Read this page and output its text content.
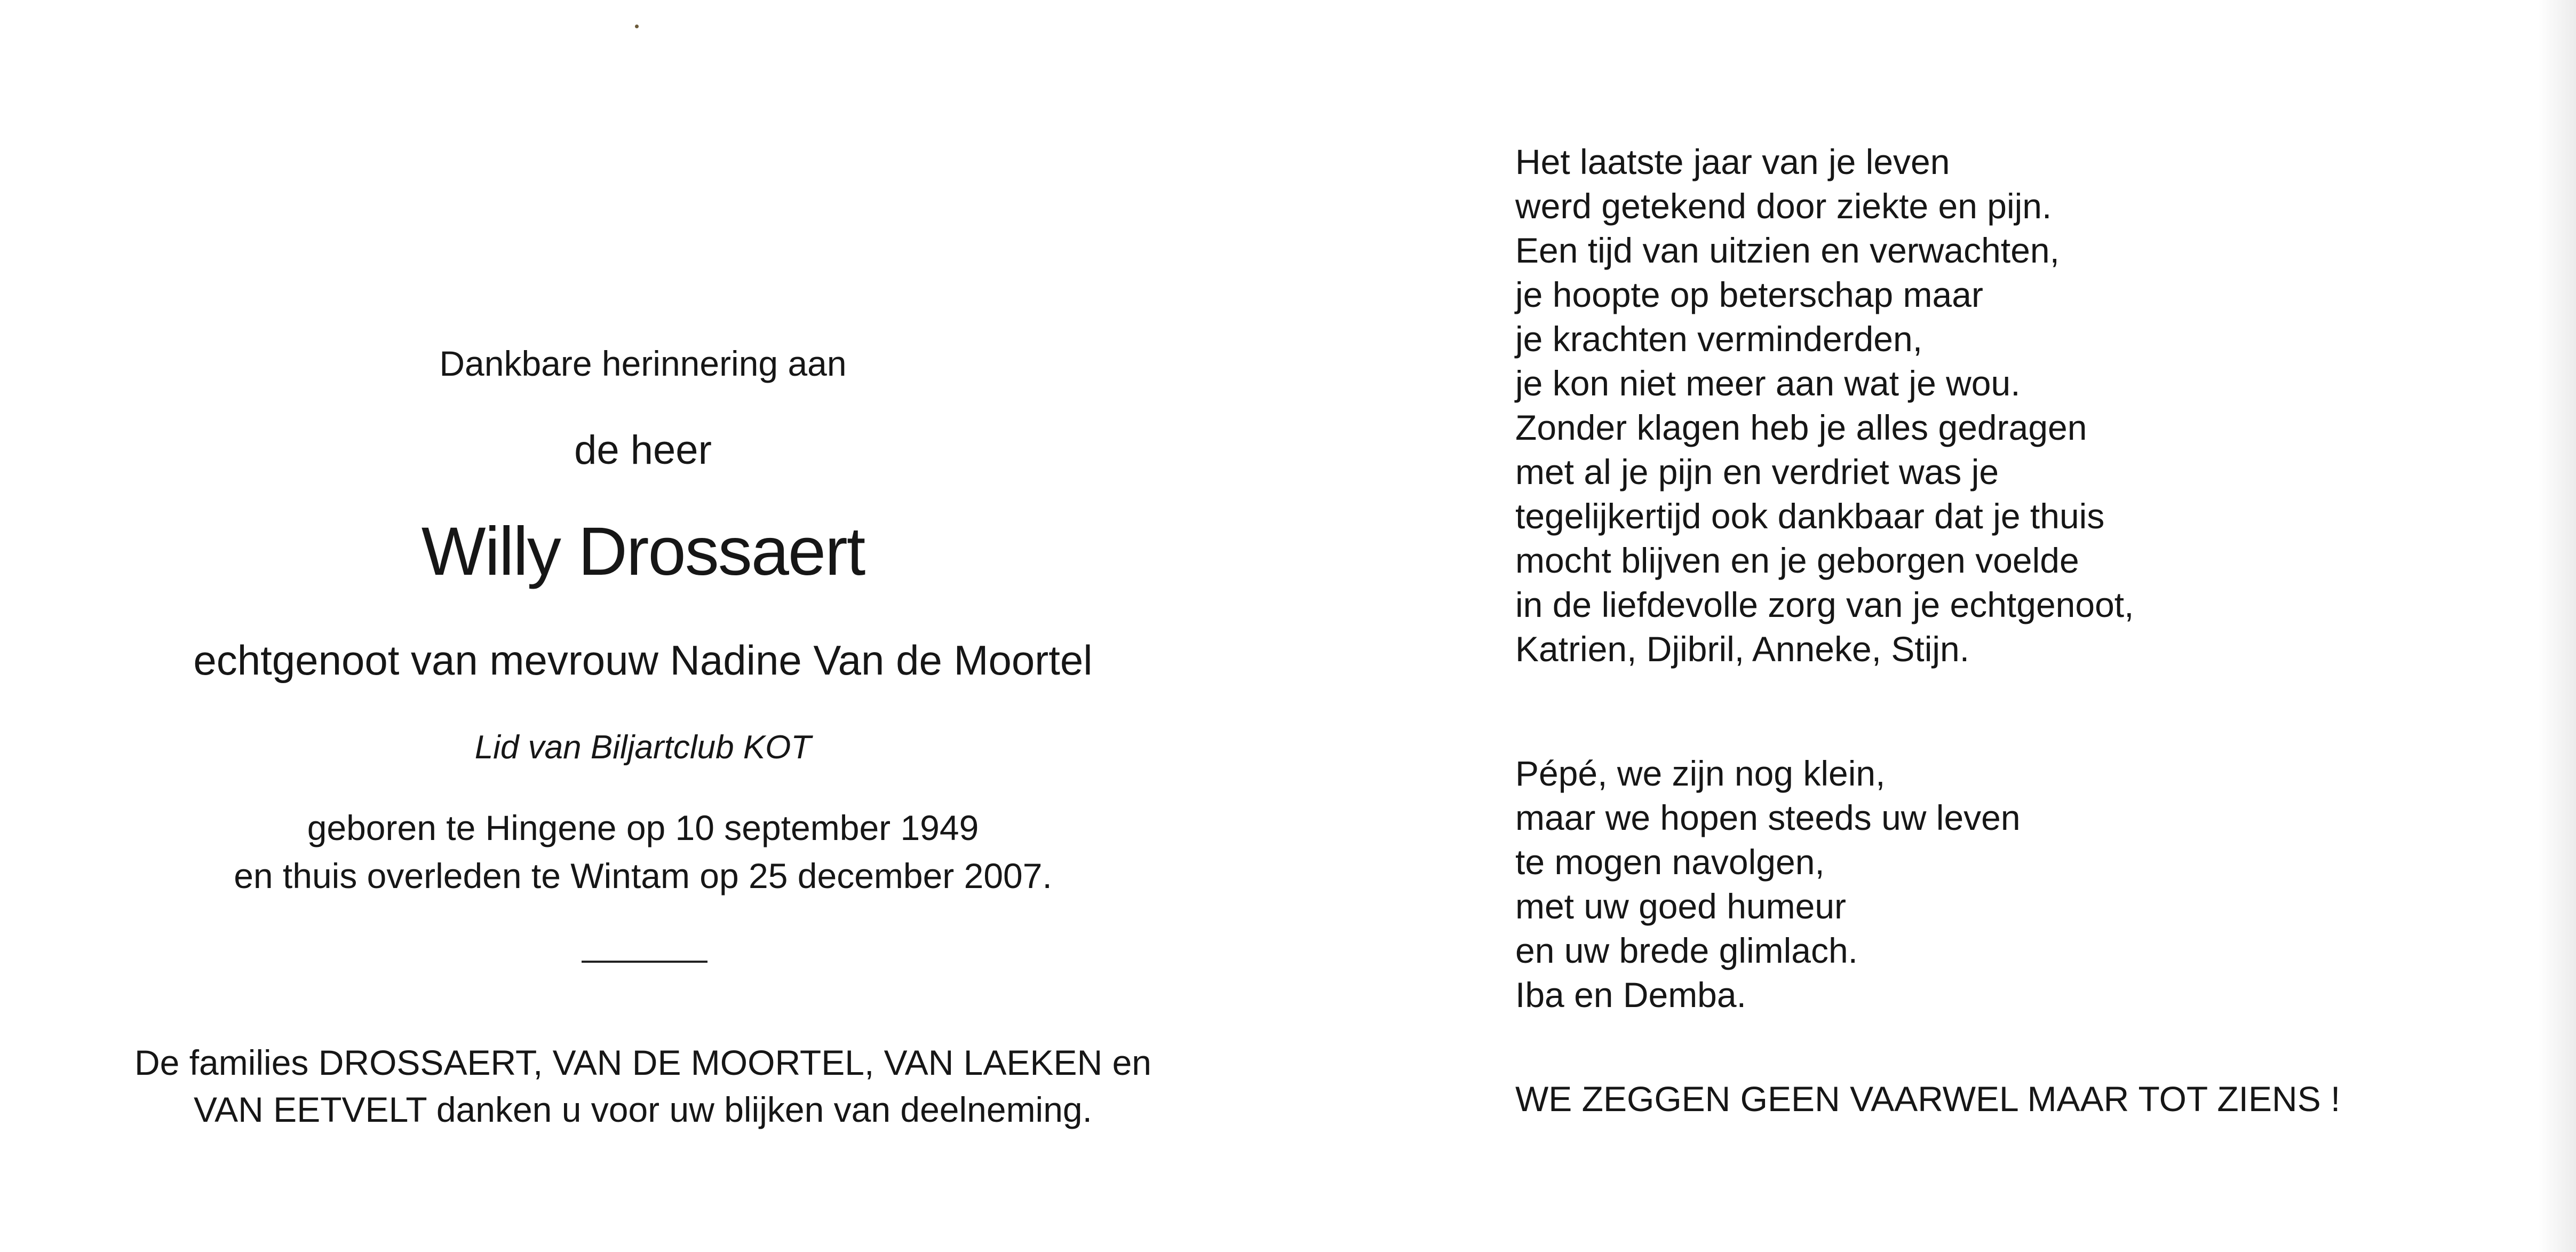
Dankbare herinnering aan
de heer
Willy Drossaert
echtgenoot van mevrouw Nadine Van de Moortel
Lid van Biljartclub KOT
geboren te Hingene op 10 september 1949
en thuis overleden te Wintam op 25 december 2007.
De families DROSSAERT, VAN DE MOORTEL, VAN LAEKEN en
VAN EETVELT danken u voor uw blijken van deelneming.
Het laatste jaar van je leven
werd getekend door ziekte en pijn.
Een tijd van uitzien en verwachten,
je hoopte op beterschap maar
je krachten verminderden,
je kon niet meer aan wat je wou.
Zonder klagen heb je alles gedragen
met al je pijn en verdriet was je
tegelijkertijd ook dankbaar dat je thuis
mocht blijven en je geborgen voelde
in de liefdevolle zorg van je echtgenoot,
Katrien, Djibril, Anneke, Stijn.
Pépé, we zijn nog klein,
maar we hopen steeds uw leven
te mogen navolgen,
met uw goed humeur
en uw brede glimlach.
Iba en Demba.
WE ZEGGEN GEEN VAARWEL MAAR TOT ZIENS !
